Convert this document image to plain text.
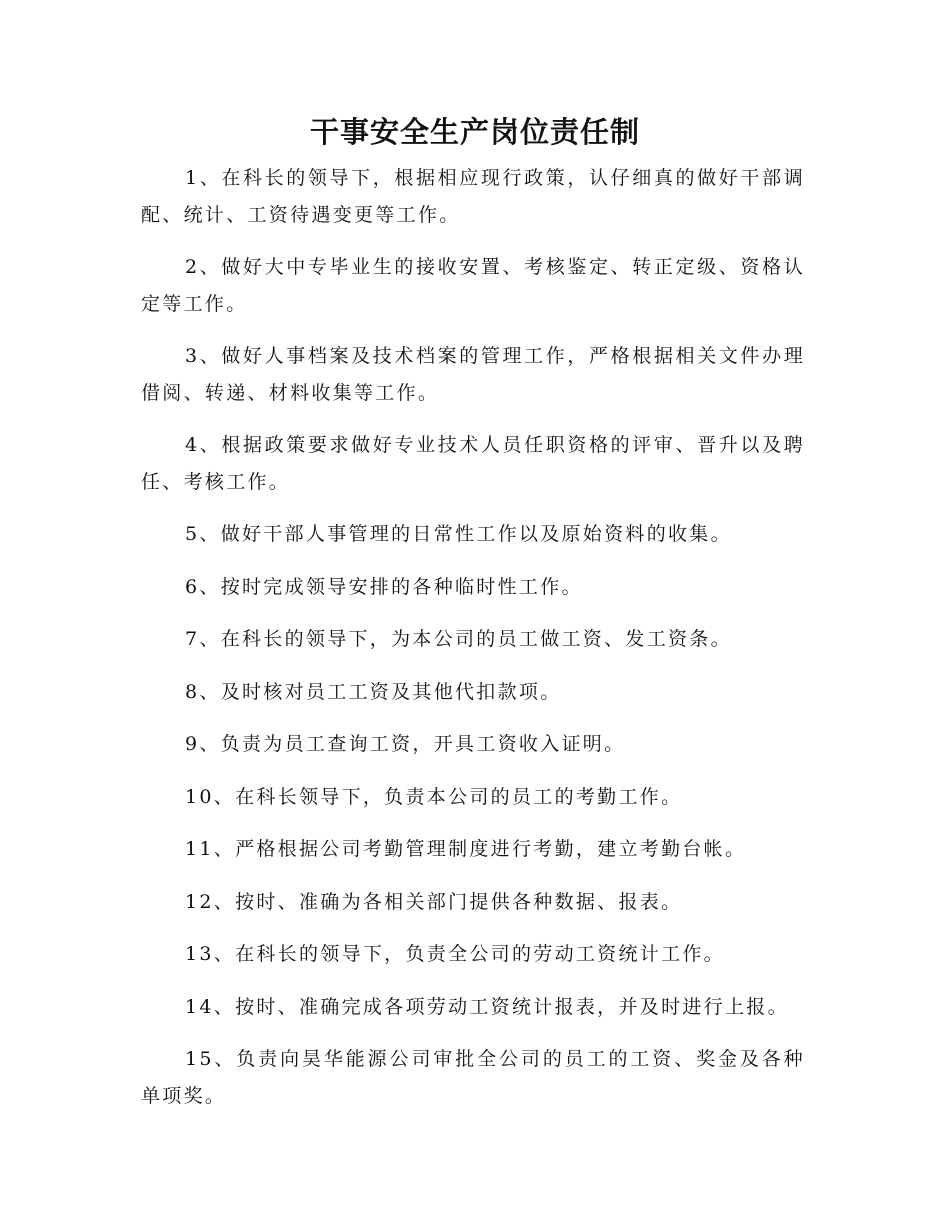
干事安全生产岗位责任制

1、在科长的领导下，根据相应现行政策，认仔细真的做好干部调配、统计、工资待遇变更等工作。

2、做好大中专毕业生的接收安置、考核鉴定、转正定级、资格认定等工作。

3、做好人事档案及技术档案的管理工作，严格根据相关文件办理借阅、转递、材料收集等工作。

4、根据政策要求做好专业技术人员任职资格的评审、晋升以及聘任、考核工作。

5、做好干部人事管理的日常性工作以及原始资料的收集。

6、按时完成领导安排的各种临时性工作。

7、在科长的领导下，为本公司的员工做工资、发工资条。

8、及时核对员工工资及其他代扣款项。

9、负责为员工查询工资，开具工资收入证明。

10、在科长领导下，负责本公司的员工的考勤工作。

11、严格根据公司考勤管理制度进行考勤，建立考勤台帐。

12、按时、准确为各相关部门提供各种数据、报表。

13、在科长的领导下，负责全公司的劳动工资统计工作。

14、按时、准确完成各项劳动工资统计报表，并及时进行上报。

15、负责向昊华能源公司审批全公司的员工的工资、奖金及各种单项奖。
